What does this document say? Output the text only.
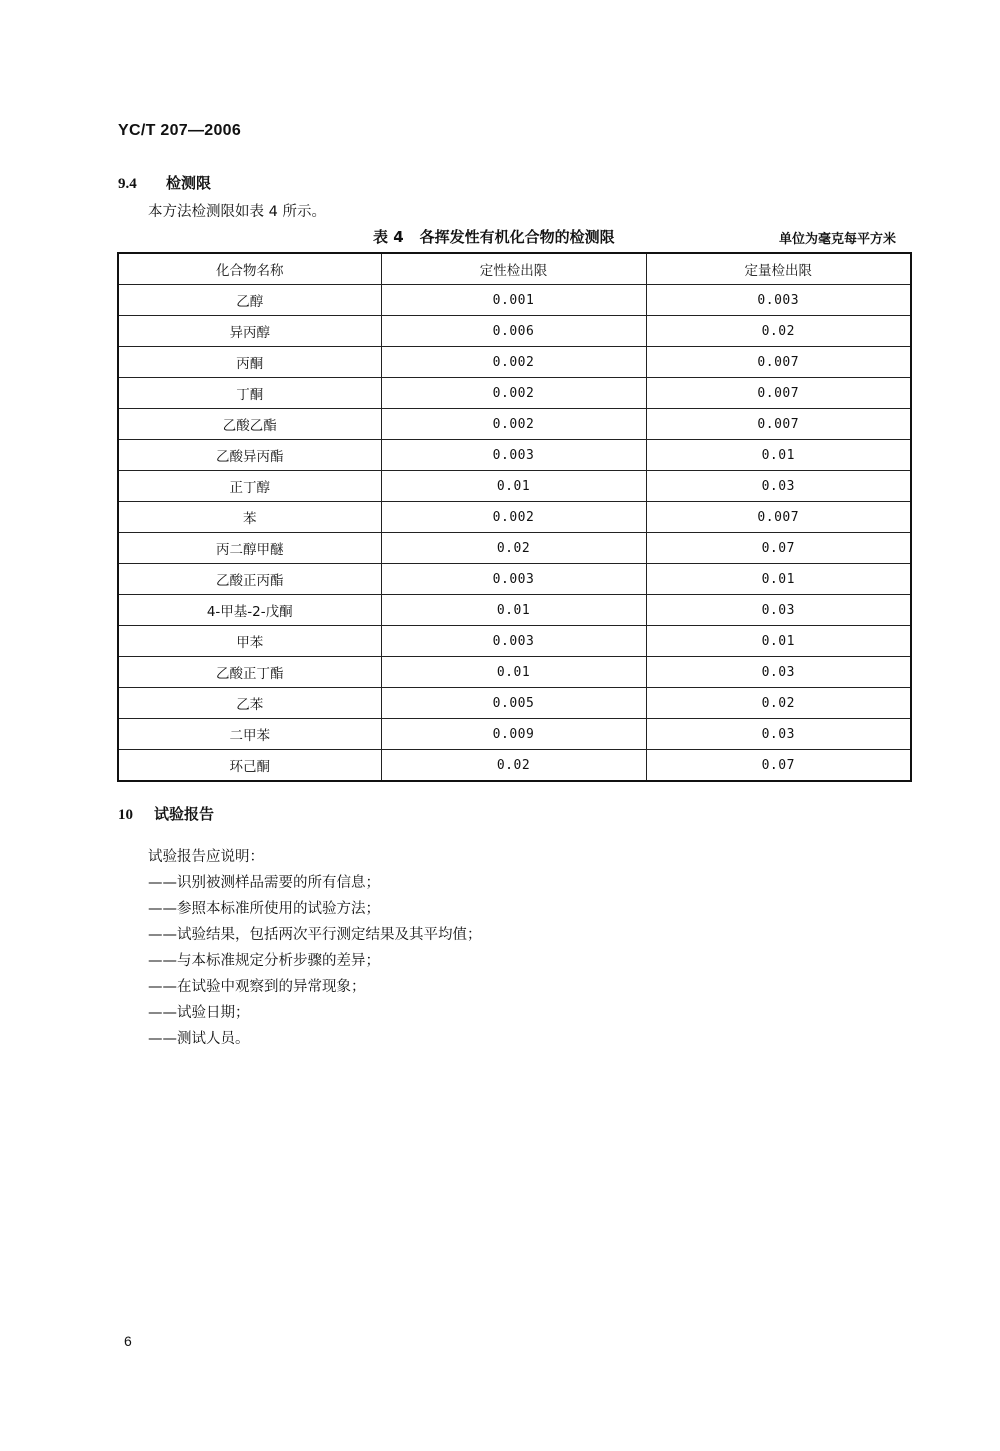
YC/T 207—2006
9.4 检测限
本方法检测限如表 4 所示。
表 4 各挥发性有机化合物的检测限	单位为毫克每平方米
化合物名称	定性检出限	定量检出限
乙醇	0.001	0.003
异丙醇	0.006	0.02
丙酮	0.002	0.007
丁酮	0.002	0.007
乙酸乙酯	0.002	0.007
乙酸异丙酯	0.003	0.01
正丁醇	0.01	0.03
苯	0.002	0.007
丙二醇甲醚	0.02	0.07
乙酸正丙酯	0.003	0.01
4-甲基-2-戊酮	0.01	0.03
甲苯	0.003	0.01
乙酸正丁酯	0.01	0.03
乙苯	0.005	0.02
二甲苯	0.009	0.03
环己酮	0.02	0.07
10 试验报告
试验报告应说明：
——识别被测样品需要的所有信息；
——参照本标准所使用的试验方法；
——试验结果，包括两次平行测定结果及其平均值；
——与本标准规定分析步骤的差异；
——在试验中观察到的异常现象；
——试验日期；
——测试人员。
6
